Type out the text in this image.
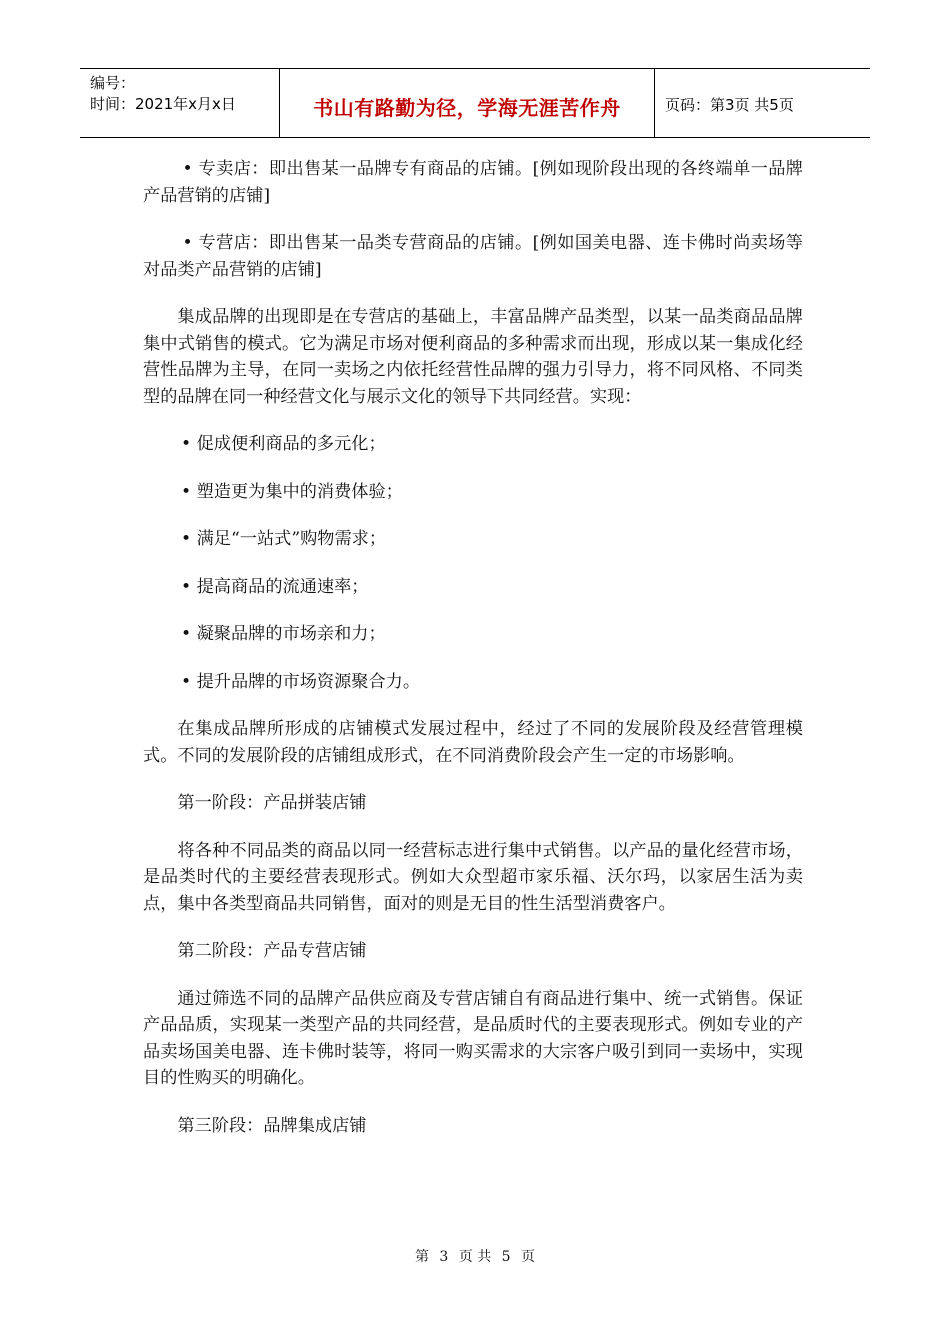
编号：
时间：2021年x月x日	书山有路勤为径，学海无涯苦作舟	页码：第3页 共5页

• 专卖店：即出售某一品牌专有商品的店铺。[例如现阶段出现的各终端单一品牌产品营销的店铺]

• 专营店：即出售某一品类专营商品的店铺。[例如国美电器、连卡佛时尚卖场等对品类产品营销的店铺]

集成品牌的出现即是在专营店的基础上，丰富品牌产品类型，以某一品类商品品牌集中式销售的模式。它为满足市场对便利商品的多种需求而出现，形成以某一集成化经营性品牌为主导，在同一卖场之内依托经营性品牌的强力引导力，将不同风格、不同类型的品牌在同一种经营文化与展示文化的领导下共同经营。实现：

• 促成便利商品的多元化；

• 塑造更为集中的消费体验；

• 满足“一站式”购物需求；

• 提高商品的流通速率；

• 凝聚品牌的市场亲和力；

• 提升品牌的市场资源聚合力。

在集成品牌所形成的店铺模式发展过程中，经过了不同的发展阶段及经营管理模式。不同的发展阶段的店铺组成形式，在不同消费阶段会产生一定的市场影响。

第一阶段：产品拼装店铺

将各种不同品类的商品以同一经营标志进行集中式销售。以产品的量化经营市场，是品类时代的主要经营表现形式。例如大众型超市家乐福、沃尔玛，以家居生活为卖点，集中各类型商品共同销售，面对的则是无目的性生活型消费客户。

第二阶段：产品专营店铺

通过筛选不同的品牌产品供应商及专营店铺自有商品进行集中、统一式销售。保证产品品质，实现某一类型产品的共同经营，是品质时代的主要表现形式。例如专业的产品卖场国美电器、连卡佛时装等，将同一购买需求的大宗客户吸引到同一卖场中，实现目的性购买的明确化。

第三阶段：品牌集成店铺

第 3 页 共 5 页
